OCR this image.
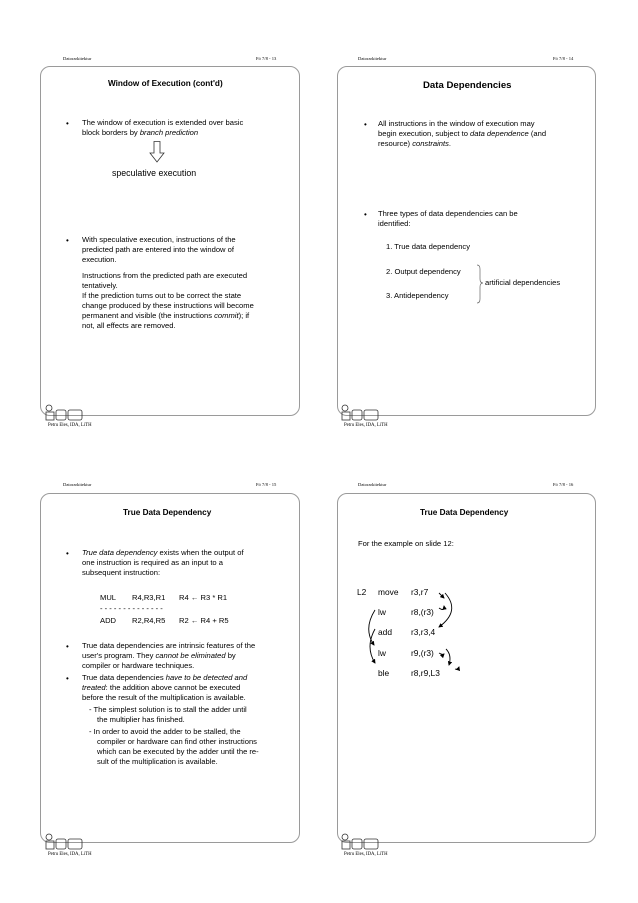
Datorarkitektur	Fö 7/8 - 13
Window of Execution (cont'd)
• The window of execution is extended over basic
block borders by branch prediction
speculative execution
• With speculative execution, instructions of the
predicted path are entered into the window of
execution.
Instructions from the predicted path are executed
tentatively.
If the prediction turns out to be correct the state
change produced by these instructions will become
permanent and visible (the instructions commit); if
not, all effects are removed.
Petru Eles, IDA, LiTH
Datorarkitektur	Fö 7/8 - 14
Data Dependencies
• All instructions in the window of execution may
begin execution, subject to data dependence (and
resource) constraints.
• Three types of data dependencies can be
identified:
1. True data dependency
2. Output dependency
3. Antidependency
artificial dependencies
Petru Eles, IDA, LiTH
Datorarkitektur	Fö 7/8 - 15
True Data Dependency
• True data dependency exists when the output of
one instruction is required as an input to a
subsequent instruction:
MUL R4,R3,R1 R4 ← R3 * R1
- - - - - - - - - - - - - -
ADD R2,R4,R5 R2 ← R4 + R5
• True data dependencies are intrinsic features of the
user's program. They cannot be eliminated by
compiler or hardware techniques.
• True data dependencies have to be detected and
treated: the addition above cannot be executed
before the result of the multiplication is available.
- The simplest solution is to stall the adder until
the multiplier has finished.
- In order to avoid the adder to be stalled, the
compiler or hardware can find other instructions
which can be executed by the adder until the re-
sult of the multiplication is available.
Petru Eles, IDA, LiTH
Datorarkitektur	Fö 7/8 - 16
True Data Dependency
For the example on slide 12:
L2 move r3,r7
lw	r8,(r3)
add r3,r3,4
lw	r9,(r3)
ble	r8,r9,L3
Petru Eles, IDA, LiTH
